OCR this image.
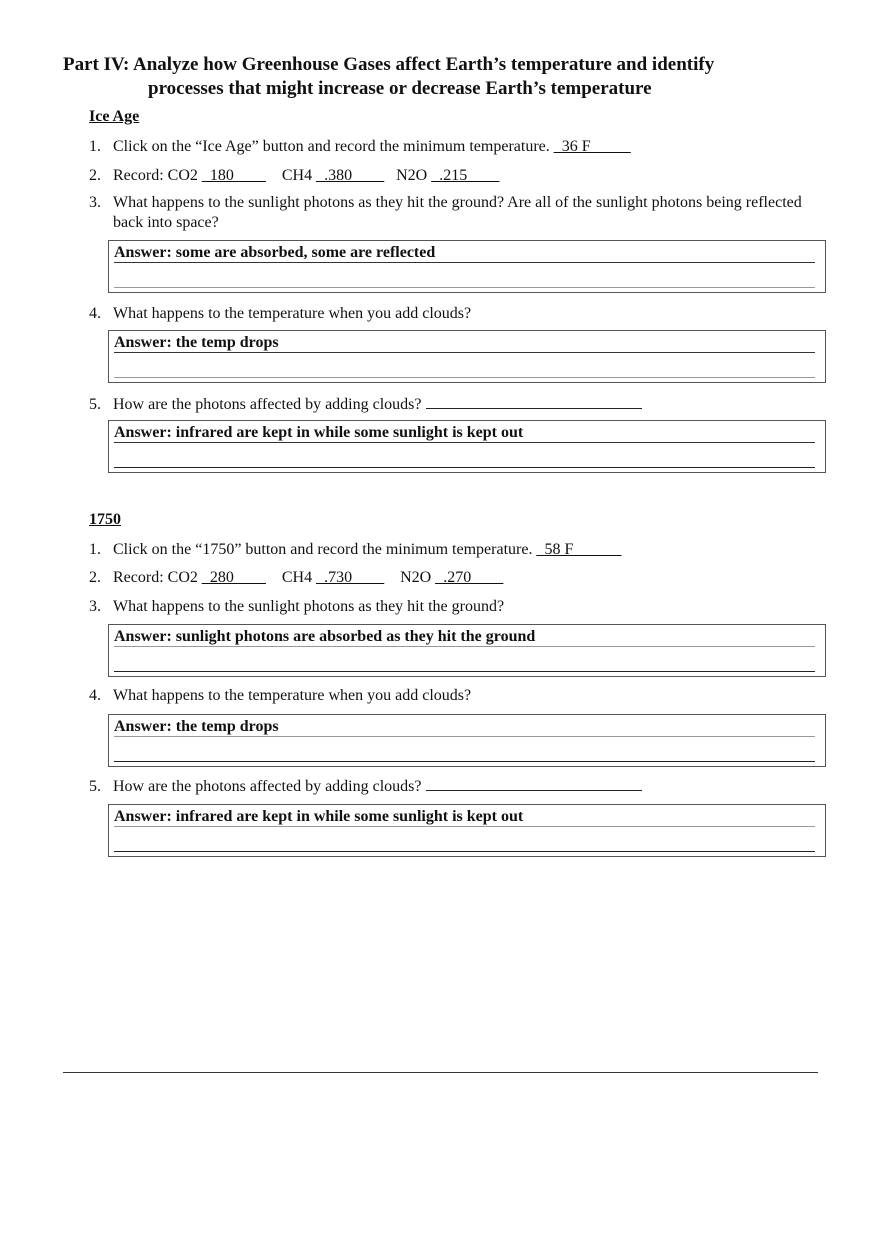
Part IV: Analyze how Greenhouse Gases affect Earth’s temperature and identify
processes that might increase or decrease Earth’s temperature
Ice Age
1. Click on the “Ice Age” button and record the minimum temperature. _36 F_____
2. Record: CO2 _180____ CH4 _.380____ N2O _.215____
3. What happens to the sunlight photons as they hit the ground? Are all of the sunlight photons being reflected back into space?
Answer: some are absorbed, some are reflected
4. What happens to the temperature when you add clouds?
Answer: the temp drops
5. How are the photons affected by adding clouds?
Answer: infrared are kept in while some sunlight is kept out
1750
1. Click on the “1750” button and record the minimum temperature. _58 F______
2. Record: CO2 _280____ CH4 _.730____ N2O _.270____
3. What happens to the sunlight photons as they hit the ground?
Answer: sunlight photons are absorbed as they hit the ground
4. What happens to the temperature when you add clouds?
Answer: the temp drops
5. How are the photons affected by adding clouds?
Answer: infrared are kept in while some sunlight is kept out
